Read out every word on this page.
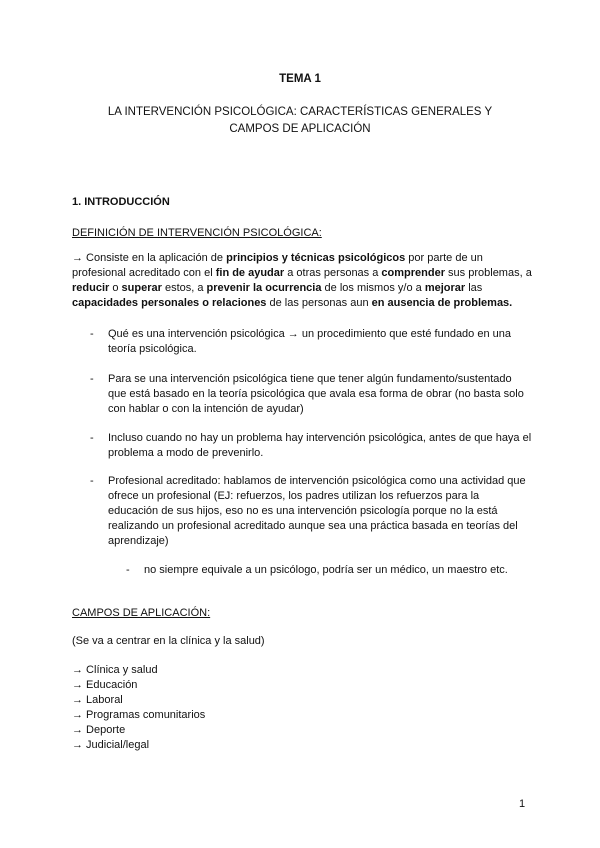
TEMA 1
LA INTERVENCIÓN PSICOLÓGICA: CARACTERÍSTICAS GENERALES Y
CAMPOS DE APLICACIÓN
1. INTRODUCCIÓN
DEFINICIÓN DE INTERVENCIÓN PSICOLÓGICA:
→ Consiste en la aplicación de principios y técnicas psicológicos por parte de un profesional acreditado con el fin de ayudar a otras personas a comprender sus problemas, a reducir o superar estos, a prevenir la ocurrencia de los mismos y/o a mejorar las capacidades personales o relaciones de las personas aun en ausencia de problemas.
- Qué es una intervención psicológica → un procedimiento que esté fundado en una teoría psicológica.
- Para se una intervención psicológica tiene que tener algún fundamento/sustentado que está basado en la teoría psicológica que avala esa forma de obrar (no basta solo con hablar o con la intención de ayudar)
- Incluso cuando no hay un problema hay intervención psicológica, antes de que haya el problema a modo de prevenirlo.
- Profesional acreditado: hablamos de intervención psicológica como una actividad que ofrece un profesional (EJ: refuerzos, los padres utilizan los refuerzos para la educación de sus hijos, eso no es una intervención psicología porque no la está realizando un profesional acreditado aunque sea una práctica basada en teorías del aprendizaje)
- no siempre equivale a un psicólogo, podría ser un médico, un maestro etc.
CAMPOS DE APLICACIÓN:
(Se va a centrar en la clínica y la salud)
→ Clínica y salud
→ Educación
→ Laboral
→ Programas comunitarios
→ Deporte
→ Judicial/legal
1
